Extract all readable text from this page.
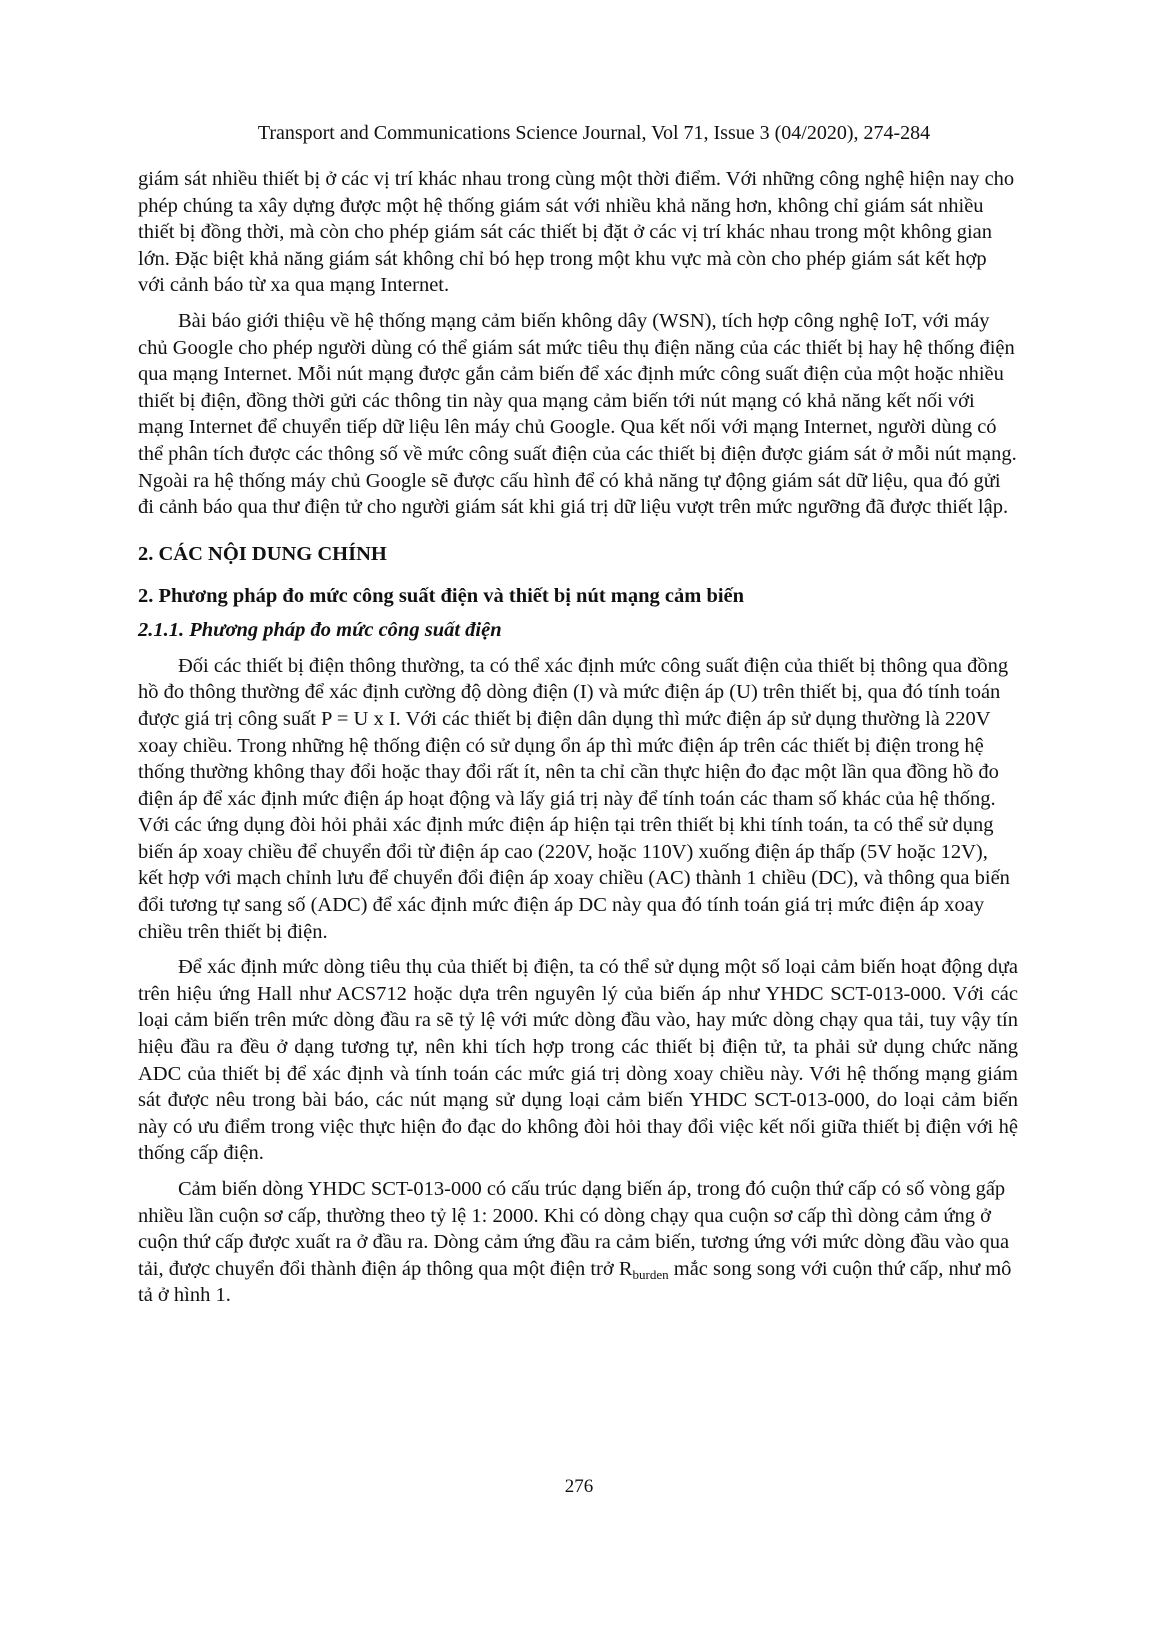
Transport and Communications Science Journal, Vol 71, Issue 3 (04/2020), 274-284

giám sát nhiều thiết bị ở các vị trí khác nhau trong cùng một thời điểm. Với những công nghệ hiện nay cho phép chúng ta xây dựng được một hệ thống giám sát với nhiều khả năng hơn, không chỉ giám sát nhiều thiết bị đồng thời, mà còn cho phép giám sát các thiết bị đặt ở các vị trí khác nhau trong một không gian lớn. Đặc biệt khả năng giám sát không chỉ bó hẹp trong một khu vực mà còn cho phép giám sát kết hợp với cảnh báo từ xa qua mạng Internet.

Bài báo giới thiệu về hệ thống mạng cảm biến không dây (WSN), tích hợp công nghệ IoT, với máy chủ Google cho phép người dùng có thể giám sát mức tiêu thụ điện năng của các thiết bị hay hệ thống điện qua mạng Internet. Mỗi nút mạng được gắn cảm biến để xác định mức công suất điện của một hoặc nhiều thiết bị điện, đồng thời gửi các thông tin này qua mạng cảm biến tới nút mạng có khả năng kết nối với mạng Internet để chuyển tiếp dữ liệu lên máy chủ Google. Qua kết nối với mạng Internet, người dùng có thể phân tích được các thông số về mức công suất điện của các thiết bị điện được giám sát ở mỗi nút mạng. Ngoài ra hệ thống máy chủ Google sẽ được cấu hình để có khả năng tự động giám sát dữ liệu, qua đó gửi đi cảnh báo qua thư điện tử cho người giám sát khi giá trị dữ liệu vượt trên mức ngưỡng đã được thiết lập.

2. CÁC NỘI DUNG CHÍNH
2. Phương pháp đo mức công suất điện và thiết bị nút mạng cảm biến
2.1.1. Phương pháp đo mức công suất điện

Đối các thiết bị điện thông thường, ta có thể xác định mức công suất điện của thiết bị thông qua đồng hồ đo thông thường để xác định cường độ dòng điện (I) và mức điện áp (U) trên thiết bị, qua đó tính toán được giá trị công suất P = U x I. Với các thiết bị điện dân dụng thì mức điện áp sử dụng thường là 220V xoay chiều. Trong những hệ thống điện có sử dụng ổn áp thì mức điện áp trên các thiết bị điện trong hệ thống thường không thay đổi hoặc thay đổi rất ít, nên ta chỉ cần thực hiện đo đạc một lần qua đồng hồ đo điện áp để xác định mức điện áp hoạt động và lấy giá trị này để tính toán các tham số khác của hệ thống. Với các ứng dụng đòi hỏi phải xác định mức điện áp hiện tại trên thiết bị khi tính toán, ta có thể sử dụng biến áp xoay chiều để chuyển đổi từ điện áp cao (220V, hoặc 110V) xuống điện áp thấp (5V hoặc 12V), kết hợp với mạch chỉnh lưu để chuyển đổi điện áp xoay chiều (AC) thành 1 chiều (DC), và thông qua biến đổi tương tự sang số (ADC) để xác định mức điện áp DC này qua đó tính toán giá trị mức điện áp xoay chiều trên thiết bị điện.

Để xác định mức dòng tiêu thụ của thiết bị điện, ta có thể sử dụng một số loại cảm biến hoạt động dựa trên hiệu ứng Hall như ACS712 hoặc dựa trên nguyên lý của biến áp như YHDC SCT-013-000. Với các loại cảm biến trên mức dòng đầu ra sẽ tỷ lệ với mức dòng đầu vào, hay mức dòng chạy qua tải, tuy vậy tín hiệu đầu ra đều ở dạng tương tự, nên khi tích hợp trong các thiết bị điện tử, ta phải sử dụng chức năng ADC của thiết bị để xác định và tính toán các mức giá trị dòng xoay chiều này. Với hệ thống mạng giám sát được nêu trong bài báo, các nút mạng sử dụng loại cảm biến YHDC SCT-013-000, do loại cảm biến này có ưu điểm trong việc thực hiện đo đạc do không đòi hỏi thay đổi việc kết nối giữa thiết bị điện với hệ thống cấp điện.

Cảm biến dòng YHDC SCT-013-000 có cấu trúc dạng biến áp, trong đó cuộn thứ cấp có số vòng gấp nhiều lần cuộn sơ cấp, thường theo tỷ lệ 1: 2000. Khi có dòng chạy qua cuộn sơ cấp thì dòng cảm ứng ở cuộn thứ cấp được xuất ra ở đầu ra. Dòng cảm ứng đầu ra cảm biến, tương ứng với mức dòng đầu vào qua tải, được chuyển đổi thành điện áp thông qua một điện trở $R_{burden}$ mắc song song với cuộn thứ cấp, như mô tả ở hình 1.

276
